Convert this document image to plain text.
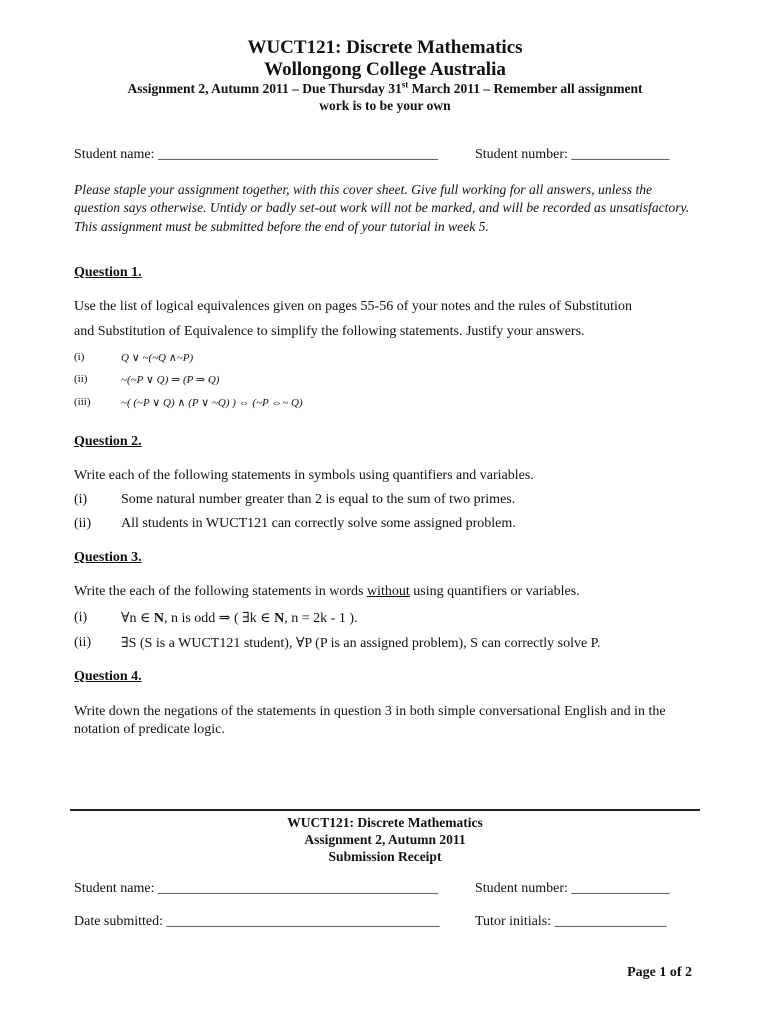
WUCT121: Discrete Mathematics
Wollongong College Australia
Assignment 2, Autumn 2011 – Due Thursday 31st March 2011 – Remember all assignment
work is to be your own
Student name: ________________________________________	Student number: ______________
Please staple your assignment together, with this cover sheet. Give full working for all answers, unless the question says otherwise. Untidy or badly set-out work will not be marked, and will be recorded as unsatisfactory. This assignment must be submitted before the end of your tutorial in week 5.
Question 1.
Use the list of logical equivalences given on pages 55-56 of your notes and the rules of Substitution
and Substitution of Equivalence to simplify the following statements. Justify your answers.
(i)	Q ∨ ~(~Q ∧~P)
(ii)	~(~P ∨ Q) ⇒ (P ⇒ Q)
(iii)	~( (~P ∨ Q) ∧ (P ∨ ~Q) ) ⇔ (~P ⇔~ Q)
Question 2.
Write each of the following statements in symbols using quantifiers and variables.
(i) Some natural number greater than 2 is equal to the sum of two primes.
(ii) All students in WUCT121 can correctly solve some assigned problem.
Question 3.
Write the each of the following statements in words without using quantifiers or variables.
(i) ∀n ∈ N, n is odd ⇒ ( ∃k ∈ N, n = 2k - 1 ).
(ii) ∃S (S is a WUCT121 student), ∀P (P is an assigned problem), S can correctly solve P.
Question 4.
Write down the negations of the statements in question 3 in both simple conversational English and in the notation of predicate logic.
WUCT121: Discrete Mathematics
Assignment 2, Autumn 2011
Submission Receipt
Student name: ________________________________________	Student number: ______________
Date submitted: _______________________________________	Tutor initials: ________________
Page 1 of 2
